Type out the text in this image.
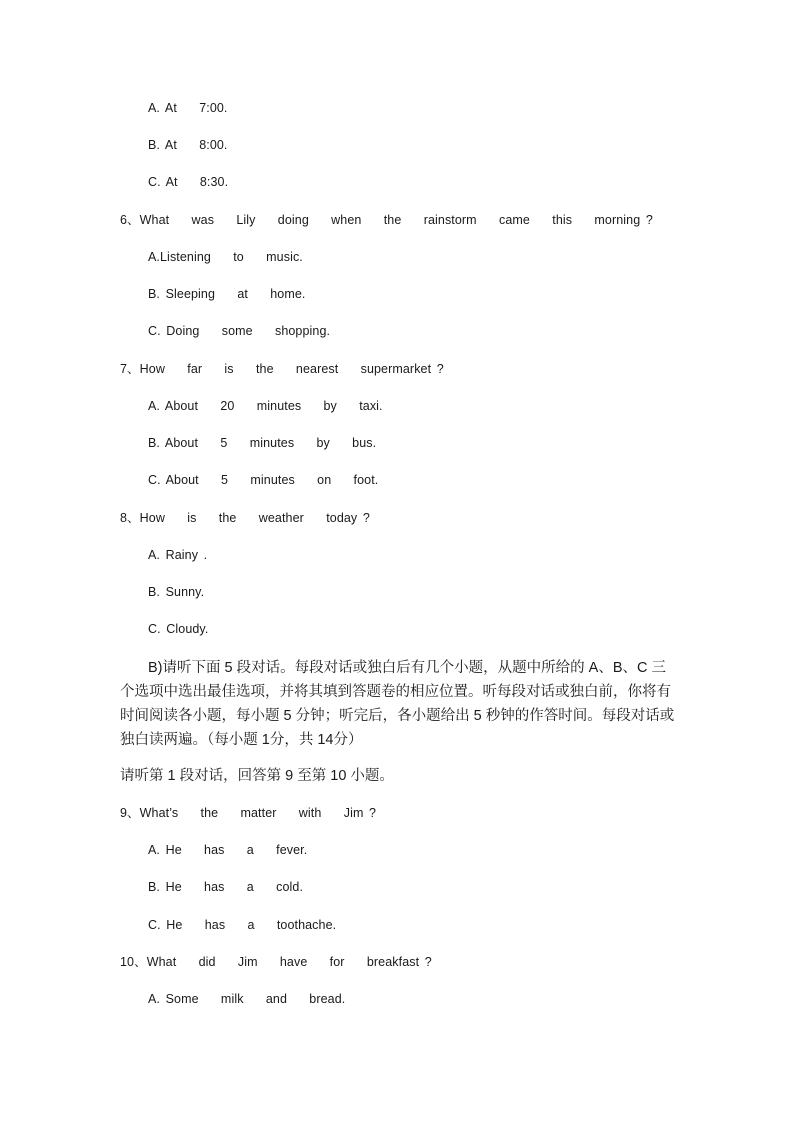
A. At    7:00.
B. At    8:00.
C. At    8:30.
6、What    was    Lily    doing    when    the    rainstorm    came    this    morning ?
A.Listening    to    music.
B. Sleeping    at    home.
C. Doing    some    shopping.
7、How    far    is    the    nearest    supermarket ?
A. About    20    minutes    by    taxi.
B. About    5    minutes    by    bus.
C. About    5    minutes    on    foot.
8、How    is    the    weather    today ?
A. Rainy .
B. Sunny.
C. Cloudy.
B)请听下面 5 段对话。每段对话或独白后有几个小题，从题中所给的 A、B、C 三个选项中选出最佳选项，并将其填到答题卷的相应位置。听每段对话或独白前，你将有时间阅读各小题，每小题 5 分钟；听完后，各小题给出 5 秒钟的作答时间。每段对话或独白读两遍。（每小题 1分，共 14分）
请听第 1 段对话，回答第 9 至第 10 小题。
9、What’s    the    matter    with    Jim ?
A. He    has    a    fever.
B. He    has    a    cold.
C. He    has    a    toothache.
10、What    did    Jim    have    for    breakfast ?
A. Some    milk    and    bread.
